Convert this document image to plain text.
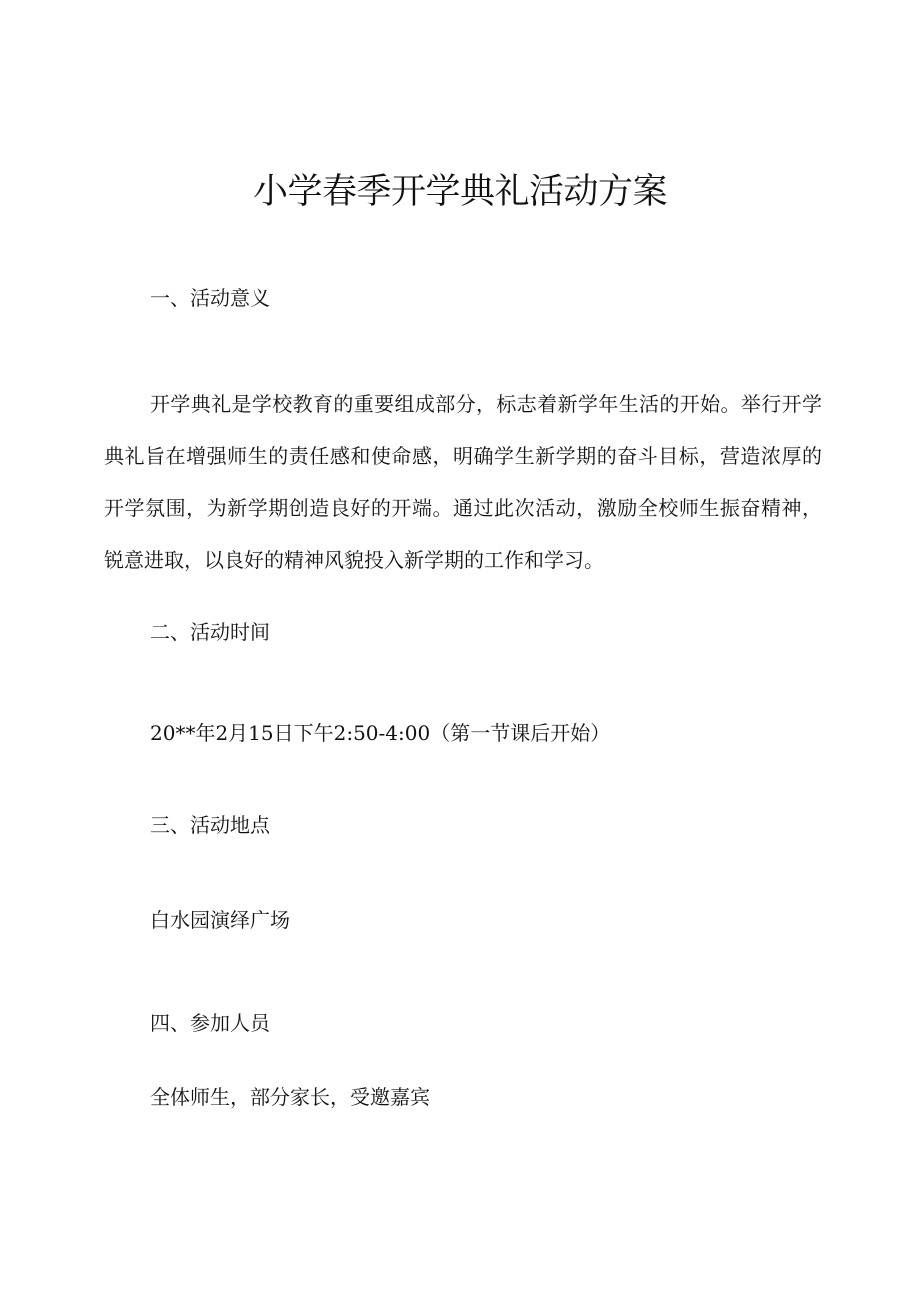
小学春季开学典礼活动方案

一、活动意义

开学典礼是学校教育的重要组成部分，标志着新学年生活的开始。举行开学典礼旨在增强师生的责任感和使命感，明确学生新学期的奋斗目标，营造浓厚的开学氛围，为新学期创造良好的开端。通过此次活动，激励全校师生振奋精神，锐意进取，以良好的精神风貌投入新学期的工作和学习。

二、活动时间

20**年2月15日下午2:50-4:00（第一节课后开始）

三、活动地点

白水园演绎广场

四、参加人员

全体师生，部分家长，受邀嘉宾
